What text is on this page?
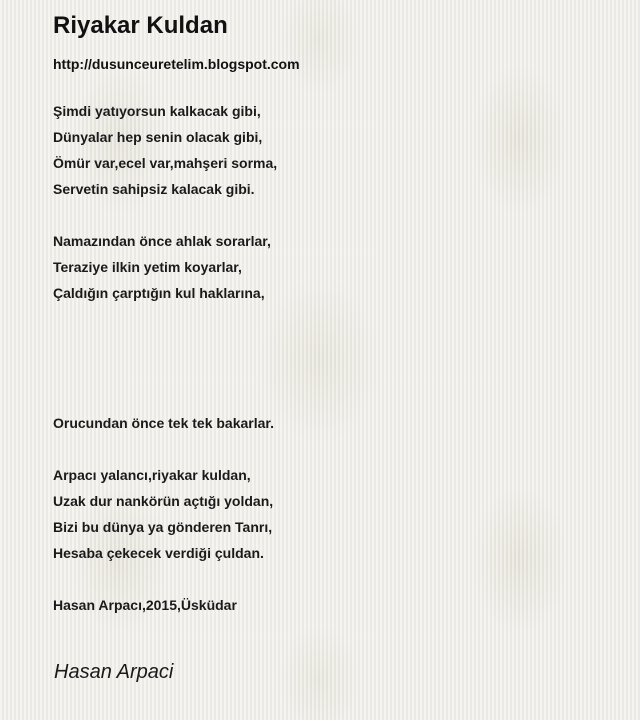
Riyakar Kuldan
http://dusunceuretelim.blogspot.com
Şimdi yatıyorsun kalkacak gibi,
Dünyalar hep senin olacak gibi,
Ömür var,ecel var,mahşeri sorma,
Servetin sahipsiz kalacak gibi.
Namazından önce ahlak sorarlar,
Teraziye ilkin yetim koyarlar,
Çaldığın çarptığın kul haklarına,
Orucundan önce tek tek bakarlar.
Arpacı yalancı,riyakar kuldan,
Uzak dur nankörün açtığı yoldan,
Bizi bu dünya ya gönderen Tanrı,
Hesaba çekecek verdiği çuldan.
Hasan Arpacı,2015,Üsküdar
Hasan Arpaci
